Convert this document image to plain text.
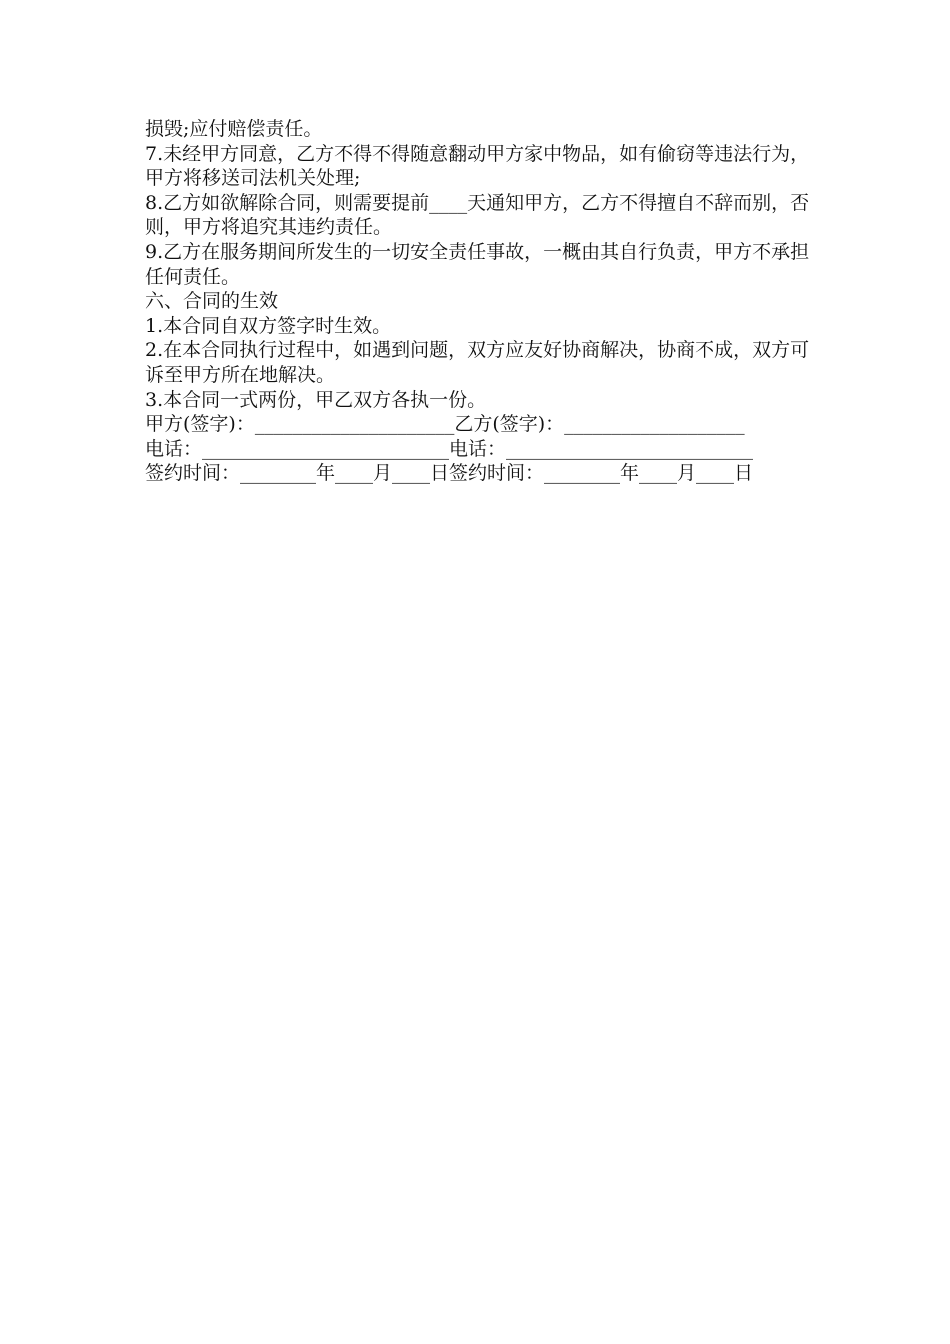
损毁;应付赔偿责任。

7.未经甲方同意，乙方不得不得随意翻动甲方家中物品，如有偷窃等违法行为，甲方将移送司法机关处理;

8.乙方如欲解除合同，则需要提前____天通知甲方，乙方不得擅自不辞而别，否则，甲方将追究其违约责任。

9.乙方在服务期间所发生的一切安全责任事故，一概由其自行负责，甲方不承担任何责任。

六、合同的生效

1.本合同自双方签字时生效。

2.在本合同执行过程中，如遇到问题，双方应友好协商解决，协商不成，双方可诉至甲方所在地解决。

3.本合同一式两份，甲乙双方各执一份。

甲方(签字)：_____________________乙方(签字)：___________________

电话：__________________________电话：__________________________

签约时间：________年____月____日签约时间：________年____月____日
